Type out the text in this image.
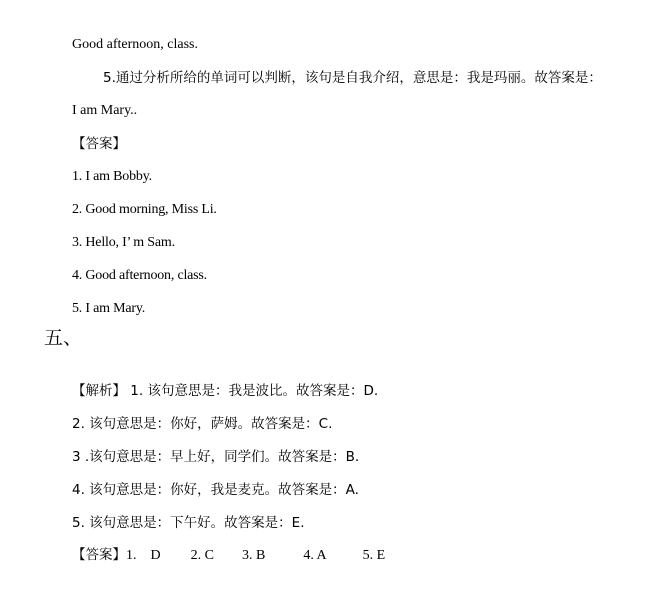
Good afternoon, class.
5.通过分析所给的单词可以判断，该句是自我介绍，意思是：我是玛丽。故答案是：
I am Mary..
【答案】
1. I am Bobby.
2. Good morning, Miss Li.
3. Hello, I’ m Sam.
4. Good afternoon, class.
5. I am Mary.
五、
【解析】 1. 该句意思是：我是波比。故答案是：D.
2. 该句意思是：你好，萨姆。故答案是：C.
3 .该句意思是：早上好，同学们。故答案是：B.
4. 该句意思是：你好，我是麦克。故答案是：A.
5. 该句意思是：下午好。故答案是：E.
【答案】1.    D 2. C 3. B	4. A	5. E
